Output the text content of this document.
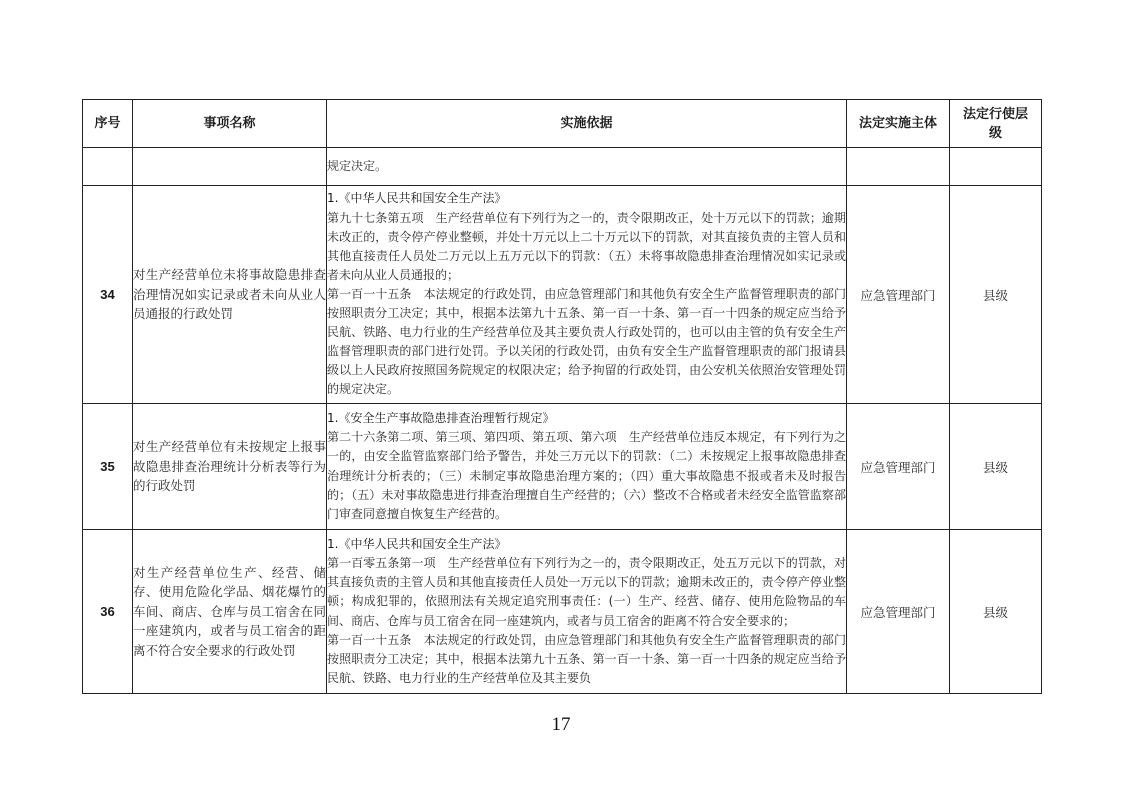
序号	事项名称	实施依据	法定实施主体	法定行使层
级

		规定决定。		

34	对生产经营单位未将事故隐患排查治理情况如实记录或者未向从业人员通报的行政处罚	1.《中华人民共和国安全生产法》
第九十七条第五项　生产经营单位有下列行为之一的，责令限期改正，处十万元以下的罚款；逾期未改正的，责令停产停业整顿，并处十万元以上二十万元以下的罚款，对其直接负责的主管人员和其他直接责任人员处二万元以上五万元以下的罚款：（五）未将事故隐患排查治理情况如实记录或者未向从业人员通报的；
第一百一十五条　本法规定的行政处罚，由应急管理部门和其他负有安全生产监督管理职责的部门按照职责分工决定；其中，根据本法第九十五条、第一百一十条、第一百一十四条的规定应当给予民航、铁路、电力行业的生产经营单位及其主要负责人行政处罚的，也可以由主管的负有安全生产监督管理职责的部门进行处罚。予以关闭的行政处罚，由负有安全生产监督管理职责的部门报请县级以上人民政府按照国务院规定的权限决定；给予拘留的行政处罚，由公安机关依照治安管理处罚的规定决定。	应急管理部门	县级
35	对生产经营单位有未按规定上报事故隐患排查治理统计分析表等行为的行政处罚	1.《安全生产事故隐患排查治理暂行规定》
第二十六条第二项、第三项、第四项、第五项、第六项　生产经营单位违反本规定，有下列行为之一的，由安全监管监察部门给予警告，并处三万元以下的罚款：（二）未按规定上报事故隐患排查治理统计分析表的；（三）未制定事故隐患治理方案的；（四）重大事故隐患不报或者未及时报告的；（五）未对事故隐患进行排查治理擅自生产经营的；（六）整改不合格或者未经安全监管监察部门审查同意擅自恢复生产经营的。	应急管理部门	县级
36	对生产经营单位生产、经营、储存、使用危险化学品、烟花爆竹的车间、商店、仓库与员工宿舍在同一座建筑内，或者与员工宿舍的距离不符合安全要求的行政处罚	1.《中华人民共和国安全生产法》
第一百零五条第一项　生产经营单位有下列行为之一的，责令限期改正，处五万元以下的罚款，对其直接负责的主管人员和其他直接责任人员处一万元以下的罚款；逾期未改正的，责令停产停业整顿；构成犯罪的，依照刑法有关规定追究刑事责任：(一）生产、经营、储存、使用危险物品的车间、商店、仓库与员工宿舍在同一座建筑内，或者与员工宿舍的距离不符合安全要求的；
第一百一十五条　本法规定的行政处罚，由应急管理部门和其他负有安全生产监督管理职责的部门按照职责分工决定；其中，根据本法第九十五条、第一百一十条、第一百一十四条的规定应当给予民航、铁路、电力行业的生产经营单位及其主要负	应急管理部门	县级
17
